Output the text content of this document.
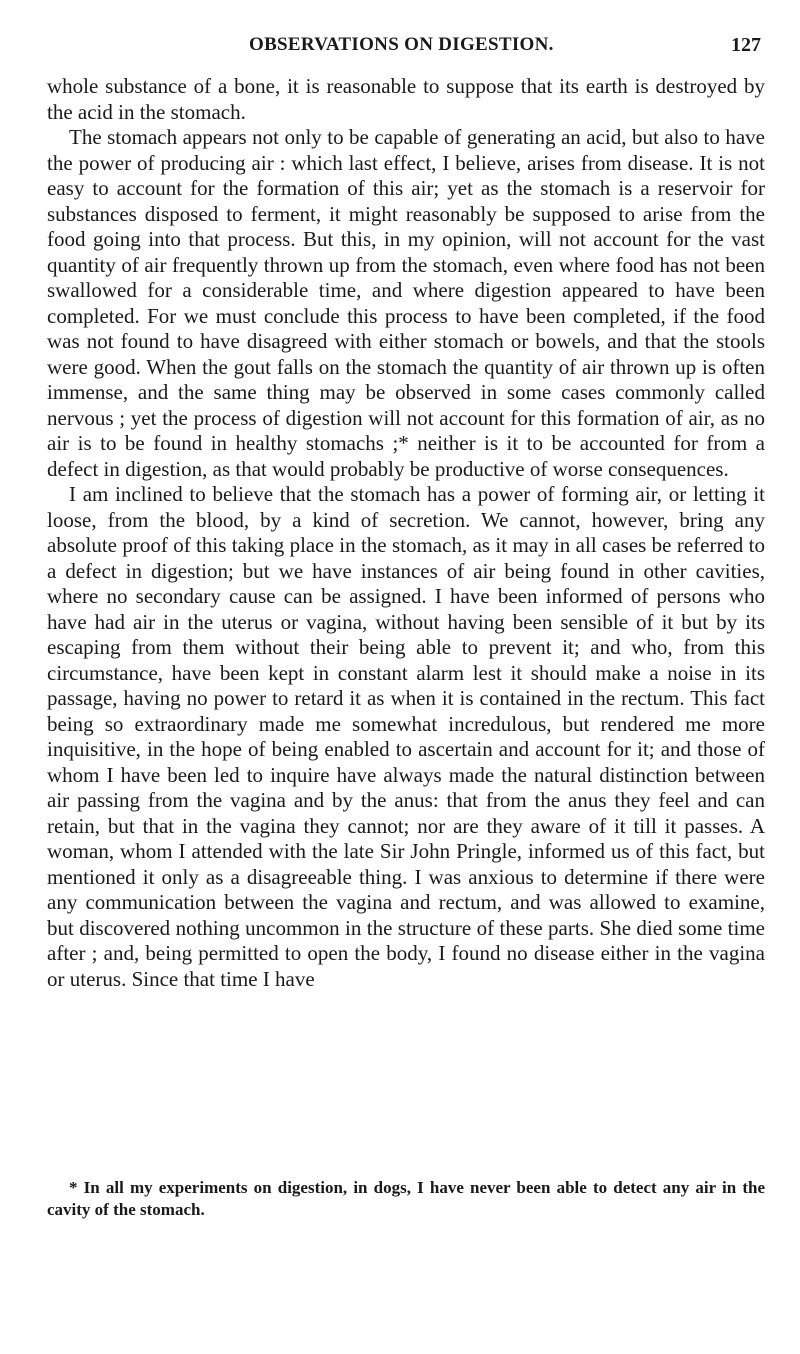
OBSERVATIONS ON DIGESTION.	127

whole substance of a bone, it is reasonable to suppose that its earth is destroyed by the acid in the stomach.

The stomach appears not only to be capable of generating an acid, but also to have the power of producing air : which last effect, I believe, arises from disease. It is not easy to account for the formation of this air; yet as the stomach is a reservoir for substances disposed to ferment, it might reasonably be supposed to arise from the food going into that process. But this, in my opinion, will not account for the vast quantity of air frequently thrown up from the stomach, even where food has not been swallowed for a considerable time, and where digestion appeared to have been completed. For we must conclude this process to have been completed, if the food was not found to have disagreed with either stomach or bowels, and that the stools were good. When the gout falls on the stomach the quantity of air thrown up is often immense, and the same thing may be observed in some cases commonly called nervous ; yet the process of digestion will not account for this formation of air, as no air is to be found in healthy stomachs ;* neither is it to be accounted for from a defect in digestion, as that would probably be productive of worse consequences.

I am inclined to believe that the stomach has a power of forming air, or letting it loose, from the blood, by a kind of secretion. We cannot, however, bring any absolute proof of this taking place in the stomach, as it may in all cases be referred to a defect in digestion; but we have instances of air being found in other cavities, where no secondary cause can be assigned. I have been informed of persons who have had air in the uterus or vagina, without having been sensible of it but by its escaping from them without their being able to prevent it; and who, from this circumstance, have been kept in constant alarm lest it should make a noise in its passage, having no power to retard it as when it is contained in the rectum. This fact being so extraordinary made me somewhat incredulous, but rendered me more inquisitive, in the hope of being enabled to ascertain and account for it; and those of whom I have been led to inquire have always made the natural distinction between air passing from the vagina and by the anus: that from the anus they feel and can retain, but that in the vagina they cannot; nor are they aware of it till it passes. A woman, whom I attended with the late Sir John Pringle, informed us of this fact, but mentioned it only as a disagreeable thing. I was anxious to determine if there were any communication between the vagina and rectum, and was allowed to examine, but discovered nothing uncommon in the structure of these parts. She died some time after ; and, being permitted to open the body, I found no disease either in the vagina or uterus. Since that time I have

* In all my experiments on digestion, in dogs, I have never been able to detect any air in the cavity of the stomach.
